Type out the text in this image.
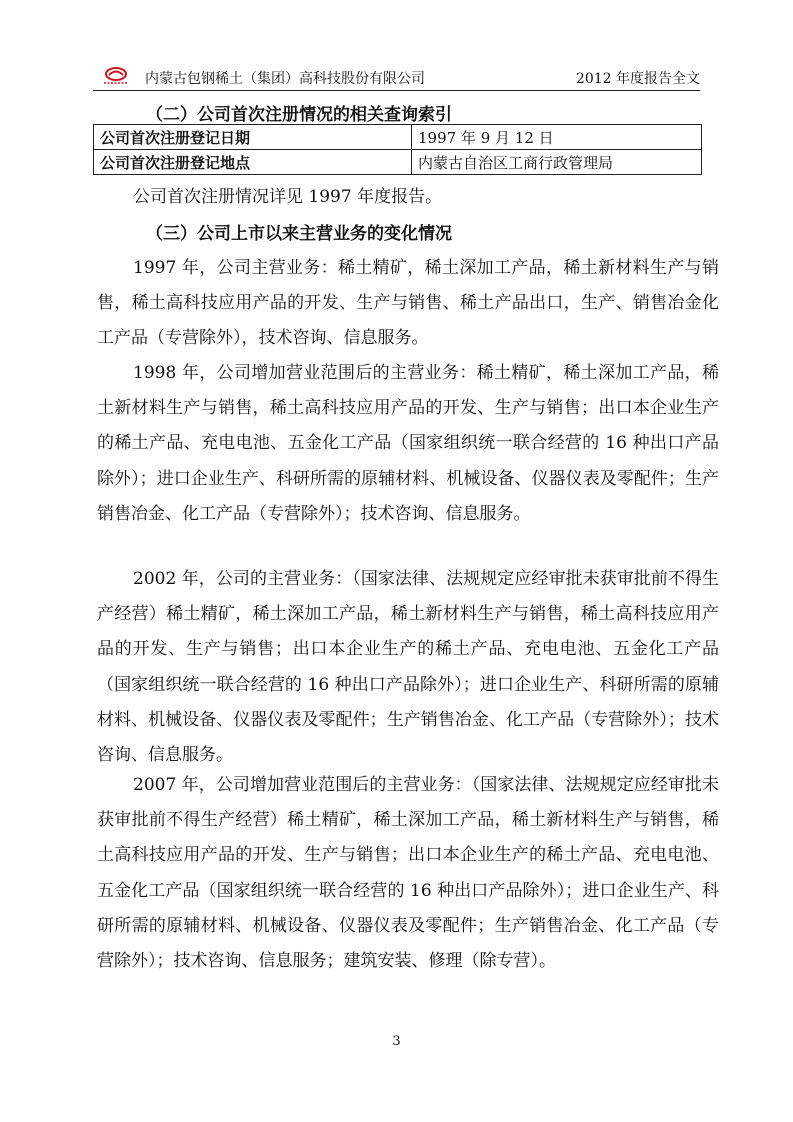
内蒙古包钢稀土（集团）高科技股份有限公司	2012 年度报告全文
（二）公司首次注册情况的相关查询索引
公司首次注册登记日期	1997 年 9 月 12 日
公司首次注册登记地点	内蒙古自治区工商行政管理局

公司首次注册情况详见 1997 年度报告。

（三）公司上市以来主营业务的变化情况

1997 年，公司主营业务：稀土精矿，稀土深加工产品，稀土新材料生产与销售，稀土高科技应用产品的开发、生产与销售、稀土产品出口，生产、销售冶金化工产品（专营除外），技术咨询、信息服务。

1998 年，公司增加营业范围后的主营业务：稀土精矿，稀土深加工产品，稀土新材料生产与销售，稀土高科技应用产品的开发、生产与销售；出口本企业生产的稀土产品、充电电池、五金化工产品（国家组织统一联合经营的 16 种出口产品除外）；进口企业生产、科研所需的原辅材料、机械设备、仪器仪表及零配件；生产销售冶金、化工产品（专营除外）；技术咨询、信息服务。

2002 年，公司的主营业务：（国家法律、法规规定应经审批未获审批前不得生产经营）稀土精矿，稀土深加工产品，稀土新材料生产与销售，稀土高科技应用产品的开发、生产与销售；出口本企业生产的稀土产品、充电电池、五金化工产品（国家组织统一联合经营的 16 种出口产品除外）；进口企业生产、科研所需的原辅材料、机械设备、仪器仪表及零配件；生产销售冶金、化工产品（专营除外）；技术咨询、信息服务。

2007 年，公司增加营业范围后的主营业务：（国家法律、法规规定应经审批未获审批前不得生产经营）稀土精矿，稀土深加工产品，稀土新材料生产与销售，稀土高科技应用产品的开发、生产与销售；出口本企业生产的稀土产品、充电电池、五金化工产品（国家组织统一联合经营的 16 种出口产品除外）；进口企业生产、科研所需的原辅材料、机械设备、仪器仪表及零配件；生产销售冶金、化工产品（专营除外）；技术咨询、信息服务；建筑安装、修理（除专营）。

3
